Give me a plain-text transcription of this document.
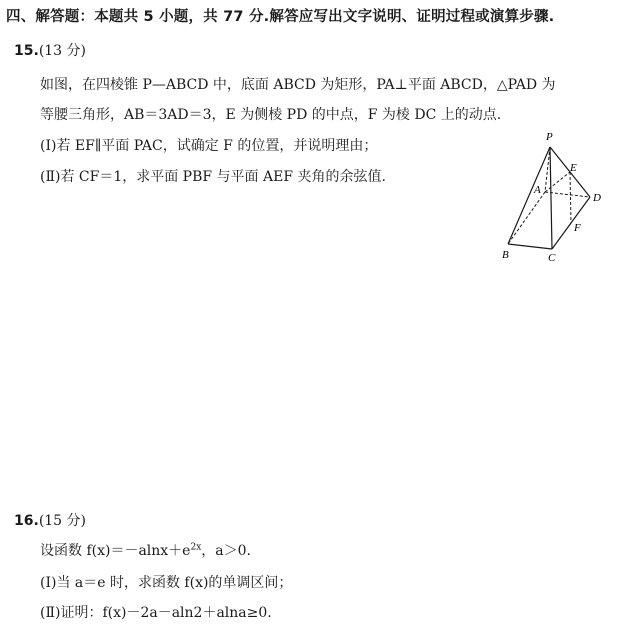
四、解答题：本题共 5 小题，共 77 分.解答应写出文字说明、证明过程或演算步骤.
15.(13 分)
如图，在四棱锥 P—ABCD 中，底面 ABCD 为矩形，PA⊥平面 ABCD，△PAD 为
等腰三角形，AB＝3AD＝3，E 为侧棱 PD 的中点，F 为棱 DC 上的动点.
(Ⅰ)若 EF∥平面 PAC，试确定 F 的位置，并说明理由；
(Ⅱ)若 CF＝1，求平面 PBF 与平面 AEF 夹角的余弦值.
P
E
A
D
F
B	C
16.(15 分)
设函数 $f(x)=-alnx+e^{2x}$，a＞0.
(Ⅰ)当 a＝e 时，求函数 f(x)的单调区间；
(Ⅱ)证明：f(x)－2a－aln2＋alna≥0.
